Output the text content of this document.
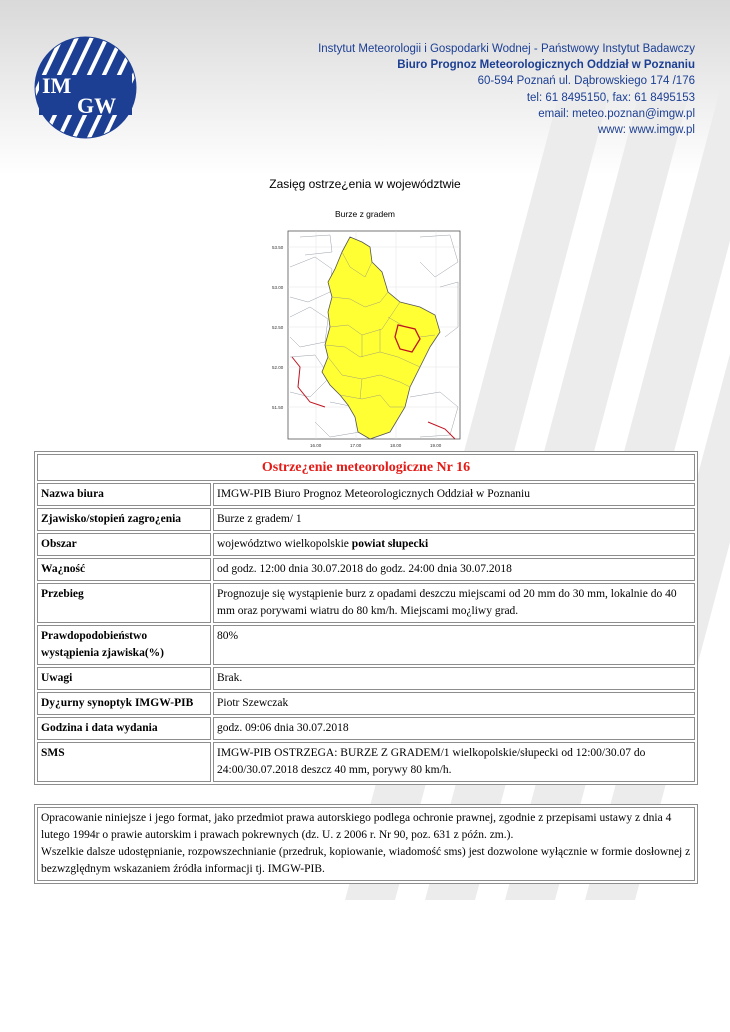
IM
GW
Instytut Meteorologii i Gospodarki Wodnej - Państwowy Instytut Badawczy
Biuro Prognoz Meteorologicznych Oddział w Poznaniu
60-594 Poznań ul. Dąbrowskiego 174 /176
tel: 61 8495150, fax: 61 8495153
email: meteo.poznan@imgw.pl
www: www.imgw.pl
Zasięg ostrze¿enia w województwie
Burze z gradem
53.50
53.00
52.50
52.00
51.50
16.00	17.00	18.00	19.00
Ostrze¿enie meteorologiczne Nr 16	
Nazwa biura	IMGW-PIB Biuro Prognoz Meteorologicznych Oddział w Poznaniu
Zjawisko/stopień zagro¿enia	Burze z gradem/ 1
Obszar	województwo wielkopolskie powiat słupecki
Wa¿ność	od godz. 12:00 dnia 30.07.2018 do godz. 24:00 dnia 30.07.2018
Przebieg	Prognozuje się wystąpienie burz z opadami deszczu miejscami od 20 mm do 30 mm, lokalnie do 40 mm oraz porywami wiatru do 80 km/h. Miejscami mo¿liwy grad.
Prawdopodobieństwo wystąpienia zjawiska(%)	80%
Uwagi	Brak.
Dy¿urny synoptyk IMGW-PIB	Piotr Szewczak
Godzina i data wydania	godz. 09:06 dnia 30.07.2018
SMS	IMGW-PIB OSTRZEGA: BURZE Z GRADEM/1 wielkopolskie/słupecki od 12:00/30.07 do 24:00/30.07.2018 deszcz 40 mm, porywy 80 km/h.
Opracowanie niniejsze i jego format, jako przedmiot prawa autorskiego podlega ochronie prawnej, zgodnie z przepisami ustawy z dnia 4 lutego 1994r o prawie autorskim i prawach pokrewnych (dz. U. z 2006 r. Nr 90, poz. 631 z późn. zm.).
Wszelkie dalsze udostępnianie, rozpowszechnianie (przedruk, kopiowanie, wiadomość sms) jest dozwolone wyłącznie w formie dosłownej z bezwzględnym wskazaniem źródła informacji tj. IMGW-PIB.
